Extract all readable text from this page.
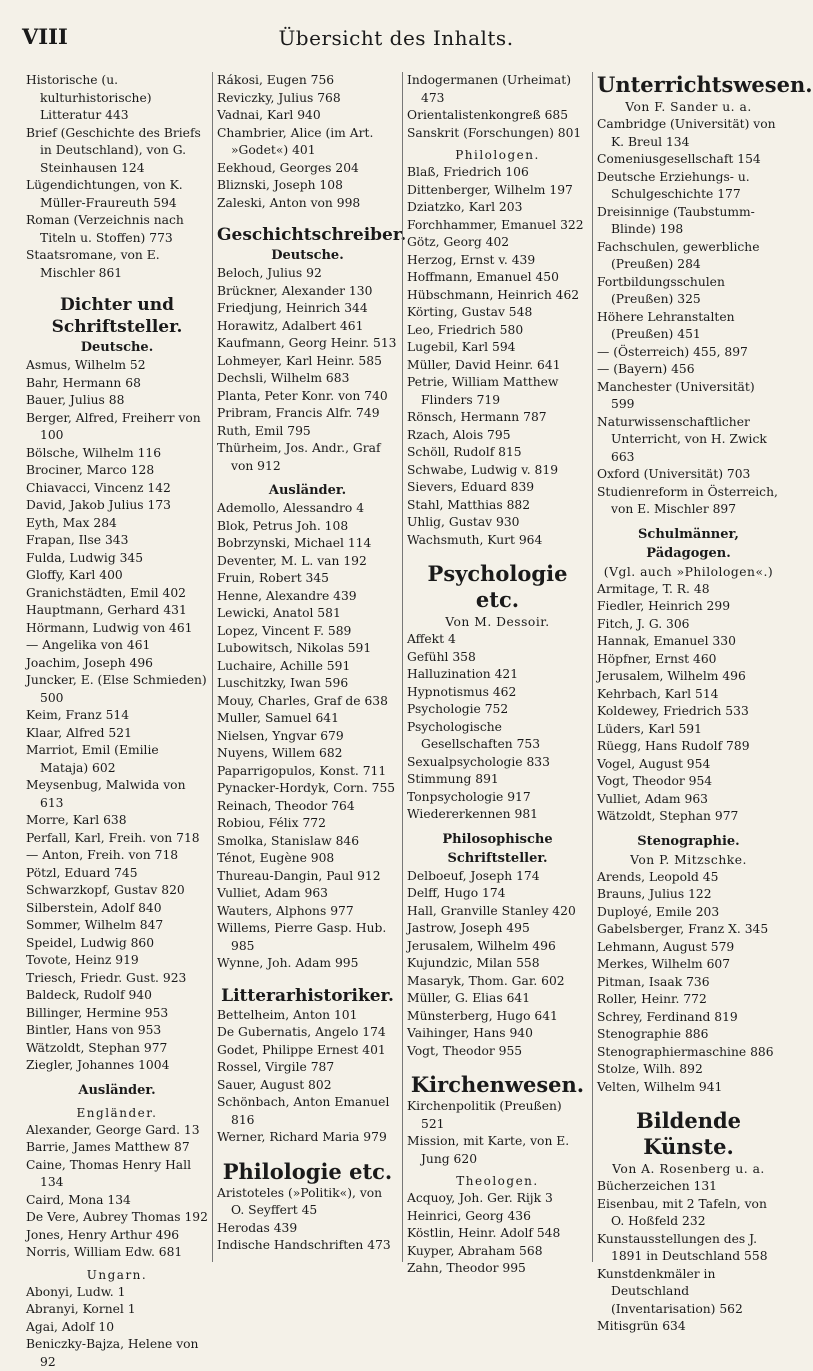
VIII	Übersicht des Inhalts.
Historische (u. kulturhistorische) Litteratur 443
Brief (Geschichte des Briefs in Deutschland), von G. Steinhausen 124
Lügendichtungen, von K. Müller-Fraureuth 594
Roman (Verzeichnis nach Titeln u. Stoffen) 773
Staatsromane, von E. Mischler 861
Dichter und Schriftsteller.
Deutsche.
Asmus, Wilhelm 52
Bahr, Hermann 68
Bauer, Julius 88
Berger, Alfred, Freiherr von 100
Bölsche, Wilhelm 116
Brociner, Marco 128
Chiavacci, Vincenz 142
David, Jakob Julius 173
Eyth, Max 284
Frapan, Ilse 343
Fulda, Ludwig 345
Gloffy, Karl 400
Granichstädten, Emil 402
Hauptmann, Gerhard 431
Hörmann, Ludwig von 461
— Angelika von 461
Joachim, Joseph 496
Juncker, E. (Else Schmieden) 500
Keim, Franz 514
Klaar, Alfred 521
Marriot, Emil (Emilie Mataja) 602
Meysenbug, Malwida von 613
Morre, Karl 638
Perfall, Karl, Freih. von 718
— Anton, Freih. von 718
Pötzl, Eduard 745
Schwarzkopf, Gustav 820
Silberstein, Adolf 840
Sommer, Wilhelm 847
Speidel, Ludwig 860
Tovote, Heinz 919
Triesch, Friedr. Gust. 923
Baldeck, Rudolf 940
Billinger, Hermine 953
Bintler, Hans von 953
Wätzoldt, Stephan 977
Ziegler, Johannes 1004
Ausländer.
Engländer.
Alexander, George Gard. 13
Barrie, James Matthew 87
Caine, Thomas Henry Hall 134
Caird, Mona 134
De Vere, Aubrey Thomas 192
Jones, Henry Arthur 496
Norris, William Edw. 681
Ungarn.
Abonyi, Ludw. 1
Abranyi, Kornel 1
Agai, Adolf 10
Beniczky-Bajza, Helene von 92
Rákosi, Eugen 756
Reviczky, Julius 768
Vadnai, Karl 940
Chambrier, Alice (im Art. »Godet«) 401
Eekhoud, Georges 204
Bliznski, Joseph 108
Zaleski, Anton von 998
Geschichtschreiber.
Deutsche.
Beloch, Julius 92
Brückner, Alexander 130
Friedjung, Heinrich 344
Horawitz, Adalbert 461
Kaufmann, Georg Heinr. 513
Lohmeyer, Karl Heinr. 585
Dechsli, Wilhelm 683
Planta, Peter Konr. von 740
Pribram, Francis Alfr. 749
Ruth, Emil 795
Thürheim, Jos. Andr., Graf von 912
Ausländer.
Ademollo, Alessandro 4
Blok, Petrus Joh. 108
Bobrzynski, Michael 114
Deventer, M. L. van 192
Fruin, Robert 345
Henne, Alexandre 439
Lewicki, Anatol 581
Lopez, Vincent F. 589
Lubowitsch, Nikolas 591
Luchaire, Achille 591
Luschitzky, Iwan 596
Mouy, Charles, Graf de 638
Muller, Samuel 641
Nielsen, Yngvar 679
Nuyens, Willem 682
Paparrigopulos, Konst. 711
Pynacker-Hordyk, Corn. 755
Reinach, Theodor 764
Robiou, Félix 772
Smolka, Stanislaw 846
Ténot, Eugène 908
Thureau-Dangin, Paul 912
Vulliet, Adam 963
Wauters, Alphons 977
Willems, Pierre Gasp. Hub. 985
Wynne, Joh. Adam 995
Litterarhistoriker.
Bettelheim, Anton 101
De Gubernatis, Angelo 174
Godet, Philippe Ernest 401
Rossel, Virgile 787
Sauer, August 802
Schönbach, Anton Emanuel 816
Werner, Richard Maria 979
Philologie etc.
Aristoteles (»Politik«), von O. Seyffert 45
Herodas 439
Indische Handschriften 473
Indogermanen (Urheimat) 473
Orientalistenkongreß 685
Sanskrit (Forschungen) 801
Philologen.
Blaß, Friedrich 106
Dittenberger, Wilhelm 197
Dziatzko, Karl 203
Forchhammer, Emanuel 322
Götz, Georg 402
Herzog, Ernst v. 439
Hoffmann, Emanuel 450
Hübschmann, Heinrich 462
Körting, Gustav 548
Leo, Friedrich 580
Lugebil, Karl 594
Müller, David Heinr. 641
Petrie, William Matthew Flinders 719
Rönsch, Hermann 787
Rzach, Alois 795
Schöll, Rudolf 815
Schwabe, Ludwig v. 819
Sievers, Eduard 839
Stahl, Matthias 882
Uhlig, Gustav 930
Wachsmuth, Kurt 964
Psychologie etc.
Von M. Dessoir.
Affekt 4
Gefühl 358
Halluzination 421
Hypnotismus 462
Psychologie 752
Psychologische Gesellschaften 753
Sexualpsychologie 833
Stimmung 891
Tonpsychologie 917
Wiedererkennen 981
Philosophische Schriftsteller.
Delboeuf, Joseph 174
Delff, Hugo 174
Hall, Granville Stanley 420
Jastrow, Joseph 495
Jerusalem, Wilhelm 496
Kujundzic, Milan 558
Masaryk, Thom. Gar. 602
Müller, G. Elias 641
Münsterberg, Hugo 641
Vaihinger, Hans 940
Vogt, Theodor 955
Kirchenwesen.
Kirchenpolitik (Preußen) 521
Mission, mit Karte, von E. Jung 620
Theologen.
Acquoy, Joh. Ger. Rijk 3
Heinrici, Georg 436
Köstlin, Heinr. Adolf 548
Kuyper, Abraham 568
Zahn, Theodor 995
Unterrichtswesen.
Von F. Sander u. a.
Cambridge (Universität) von K. Breul 134
Comeniusgesellschaft 154
Deutsche Erziehungs- u. Schulgeschichte 177
Dreisinnige (Taubstumm-Blinde) 198
Fachschulen, gewerbliche (Preußen) 284
Fortbildungsschulen (Preußen) 325
Höhere Lehranstalten (Preußen) 451
— (Österreich) 455, 897
— (Bayern) 456
Manchester (Universität) 599
Naturwissenschaftlicher Unterricht, von H. Zwick 663
Oxford (Universität) 703
Studienreform in Österreich, von E. Mischler 897
Schulmänner, Pädagogen.
(Vgl. auch »Philologen«.)
Armitage, T. R. 48
Fiedler, Heinrich 299
Fitch, J. G. 306
Hannak, Emanuel 330
Höpfner, Ernst 460
Jerusalem, Wilhelm 496
Kehrbach, Karl 514
Koldewey, Friedrich 533
Lüders, Karl 591
Rüegg, Hans Rudolf 789
Vogel, August 954
Vogt, Theodor 954
Vulliet, Adam 963
Wätzoldt, Stephan 977
Stenographie.
Von P. Mitzschke.
Arends, Leopold 45
Brauns, Julius 122
Duployé, Emile 203
Gabelsberger, Franz X. 345
Lehmann, August 579
Merkes, Wilhelm 607
Pitman, Isaak 736
Roller, Heinr. 772
Schrey, Ferdinand 819
Stenographie 886
Stenographiermaschine 886
Stolze, Wilh. 892
Velten, Wilhelm 941
Bildende Künste.
Von A. Rosenberg u. a.
Bücherzeichen 131
Eisenbau, mit 2 Tafeln, von O. Hoßfeld 232
Kunstausstellungen des J. 1891 in Deutschland 558
Kunstdenkmäler in Deutschland (Inventarisation) 562
Mitisgrün 634
